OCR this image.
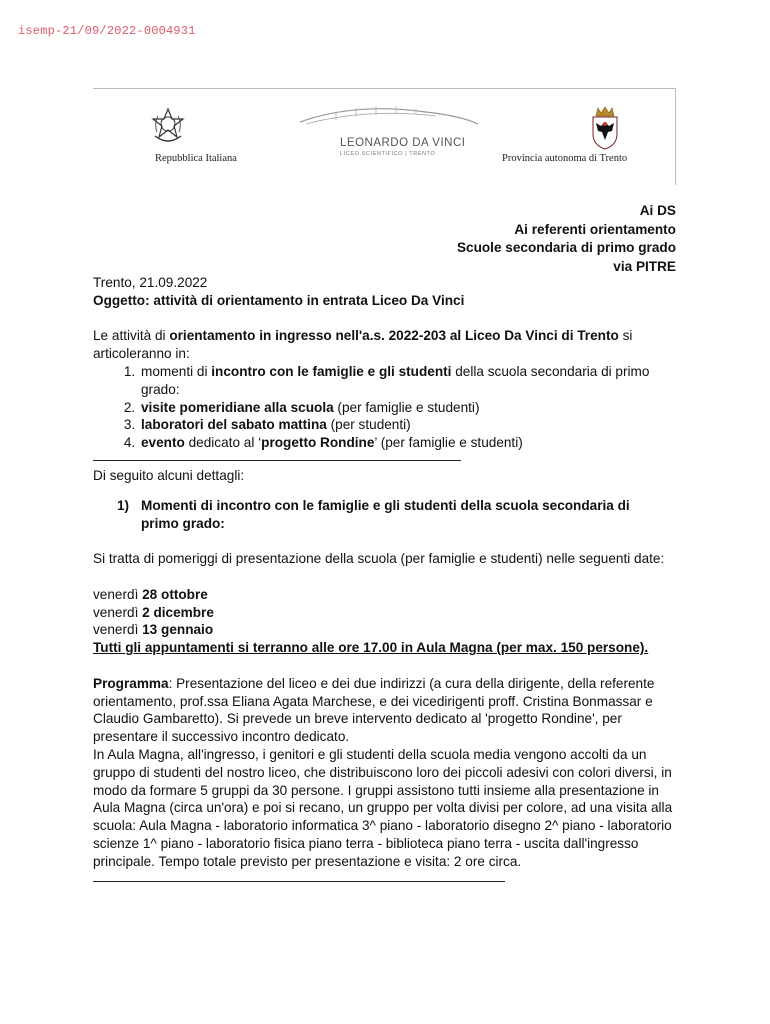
isemp-21/09/2022-0004931
LEONARDO DA VINCI
LICEO SCIENTIFICO | TRENTO
Repubblica Italiana	Provincia autonoma di Trento
Ai DS
Ai referenti orientamento
Scuole secondaria di primo grado
via PITRE

Trento, 21.09.2022

Oggetto: attività di orientamento in entrata Liceo Da Vinci

Le attività di orientamento in ingresso nell'a.s. 2022-203 al Liceo Da Vinci di Trento si articoleranno in:

1. momenti di incontro con le famiglie e gli studenti della scuola secondaria di primo grado:
2. visite pomeridiane alla scuola (per famiglie e studenti)
3. laboratori del sabato mattina (per studenti)
4. evento dedicato al ‘progetto Rondine’ (per famiglie e studenti)

Di seguito alcuni dettagli:

1) Momenti di incontro con le famiglie e gli studenti della scuola secondaria di primo grado:

Si tratta di pomeriggi di presentazione della scuola (per famiglie e studenti) nelle seguenti date:

venerdì 28 ottobre

venerdì 2 dicembre

venerdì 13 gennaio

Tutti gli appuntamenti si terranno alle ore 17.00 in Aula Magna (per max. 150 persone).

Programma: Presentazione del liceo e dei due indirizzi (a cura della dirigente, della referente orientamento, prof.ssa Eliana Agata Marchese, e dei vicedirigenti proff. Cristina Bonmassar e Claudio Gambaretto). Si prevede un breve intervento dedicato al 'progetto Rondine', per presentare il successivo incontro dedicato.

In Aula Magna, all'ingresso, i genitori e gli studenti della scuola media vengono accolti da un gruppo di studenti del nostro liceo, che distribuiscono loro dei piccoli adesivi con colori diversi, in modo da formare 5 gruppi da 30 persone. I gruppi assistono tutti insieme alla presentazione in Aula Magna (circa un'ora) e poi si recano, un gruppo per volta divisi per colore, ad una visita alla scuola: Aula Magna - laboratorio informatica 3^ piano - laboratorio disegno 2^ piano - laboratorio scienze 1^ piano - laboratorio fisica piano terra - biblioteca piano terra - uscita dall'ingresso principale. Tempo totale previsto per presentazione e visita: 2 ore circa.
